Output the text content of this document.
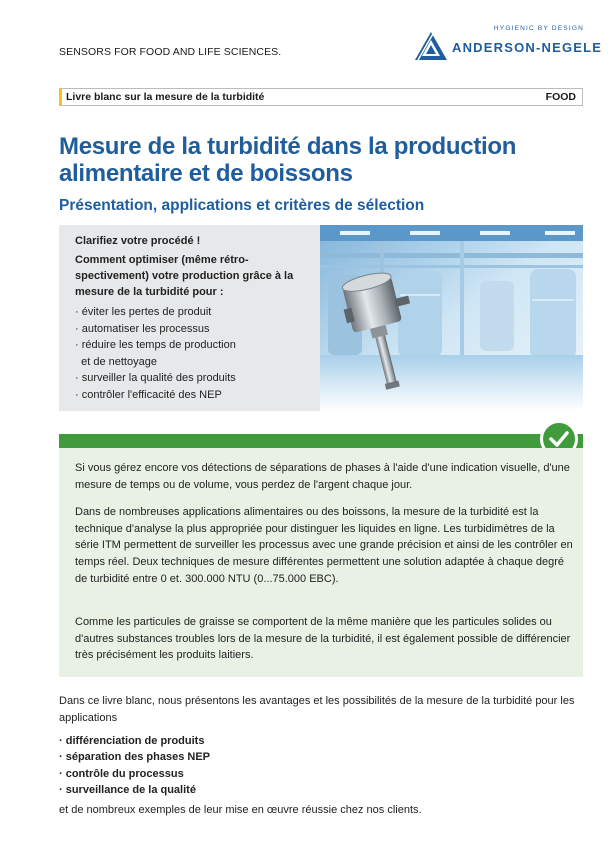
SENSORS FOR FOOD AND LIFE SCIENCES.
HYGIENIC BY DESIGN
ANDERSON-NEGELE
Livre blanc sur la mesure de la turbidité	FOOD
Mesure de la turbidité dans la production alimentaire et de boissons
Présentation, applications et critères de sélection
Clarifiez votre procédé !
Comment optimiser (même rétro-spectivement) votre production grâce à la mesure de la turbidité pour :
· éviter les pertes de produit
· automatiser les processus
· réduire les temps de production
et de nettoyage
· surveiller la qualité des produits
· contrôler l'efficacité des NEP

Si vous gérez encore vos détections de séparations de phases à l'aide d'une indication visuelle, d'une mesure de temps ou de volume, vous perdez de l'argent chaque jour.

Dans de nombreuses applications alimentaires ou des boissons, la mesure de la turbidité est la technique d'analyse la plus appropriée pour distinguer les liquides en ligne. Les turbidimètres de la série ITM permettent de surveiller les processus avec une grande précision et ainsi de les contrôler en temps réel. Deux techniques de mesure différentes permettent une solution adaptée à chaque degré de turbidité entre 0 et. 300.000 NTU (0...75.000 EBC).

Comme les particules de graisse se comportent de la même manière que les particules solides ou d'autres substances troubles lors de la mesure de la turbidité, il est également possible de différencier très précisément les produits laitiers.

Dans ce livre blanc, nous présentons les avantages et les possibilités de la mesure de la turbidité pour les applications

· différenciation de produits
· séparation des phases NEP
· contrôle du processus
· surveillance de la qualité

et de nombreux exemples de leur mise en œuvre réussie chez nos clients.
